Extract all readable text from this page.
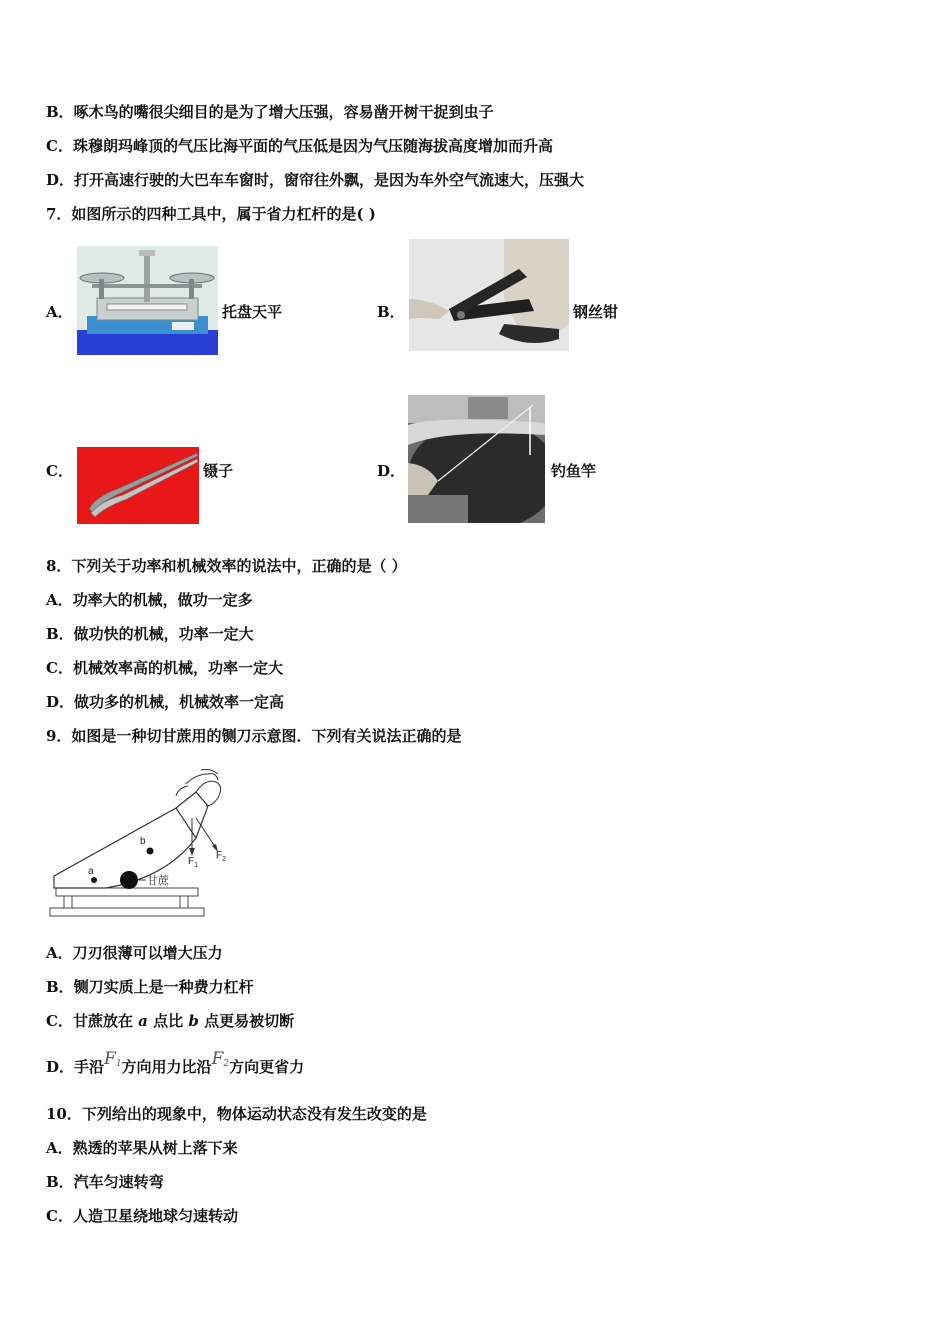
B．啄木鸟的嘴很尖细目的是为了增大压强，容易凿开树干捉到虫子
C．珠穆朗玛峰顶的气压比海平面的气压低是因为气压随海拔高度增加而升高
D．打开高速行驶的大巴车车窗时，窗帘往外飘，是因为车外空气流速大，压强大
7．如图所示的四种工具中，属于省力杠杆的是( )
A．	托盘天平	B．	钢丝钳
C．	镊子	D．	钓鱼竿
8．下列关于功率和机械效率的说法中，正确的是（ ）
A．功率大的机械，做功一定多
B．做功快的机械，功率一定大
C．机械效率高的机械，功率一定大
D．做功多的机械，机械效率一定高
9．如图是一种切甘蔗用的铡刀示意图．下列有关说法正确的是
$F_1$
$F_2$
a
b
甘蔗
A．刀刃很薄可以增大压力
B．铡刀实质上是一种费力杠杆
C．甘蔗放在 a 点比 b 点更易被切断
D．手沿$F_1$方向用力比沿$F_2$方向更省力
10．下列给出的现象中，物体运动状态没有发生改变的是
A．熟透的苹果从树上落下来
B．汽车匀速转弯
C．人造卫星绕地球匀速转动
